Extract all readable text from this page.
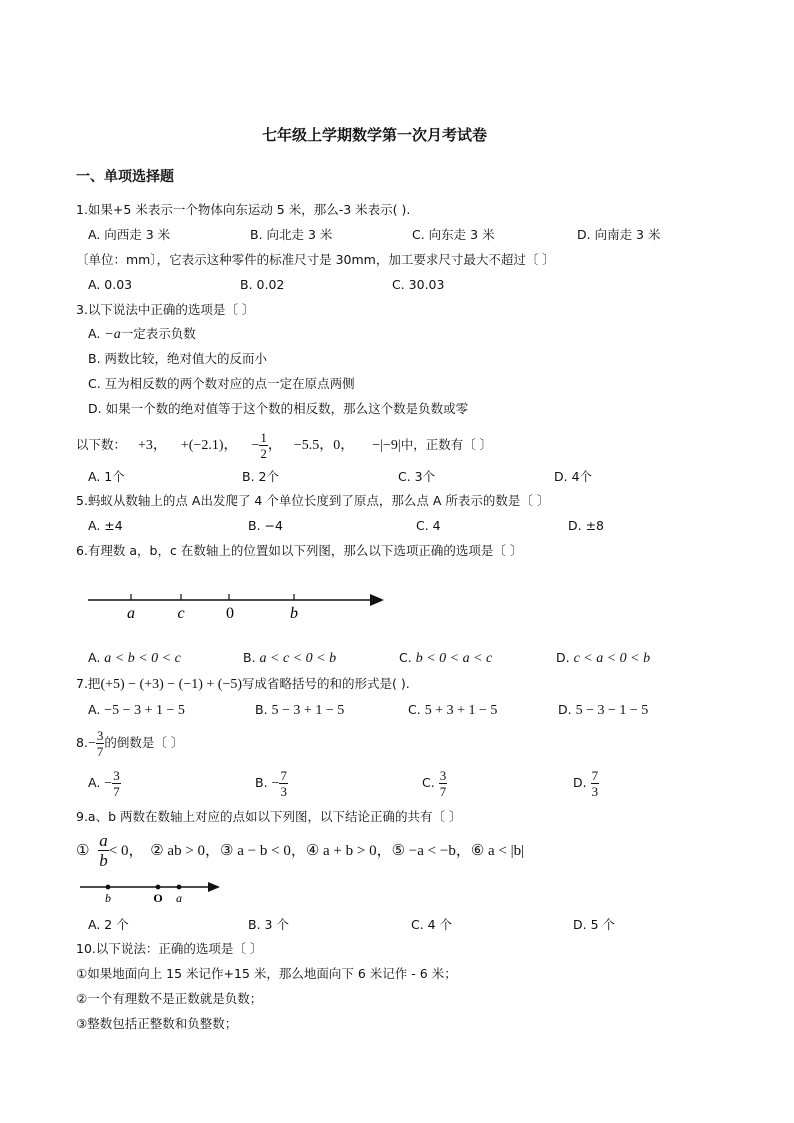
七年级上学期数学第一次月考试卷
一、单项选择题
1.如果+5 米表示一个物体向东运动 5 米，那么-3 米表示( ).
A. 向西走 3 米	B. 向北走 3 米	C. 向东走 3 米	D. 向南走 3 米
〔单位：mm〕，它表示这种零件的标准尺寸是 30mm，加工要求尺寸最大不超过〔 〕
A. 0.03	B. 0.02	C. 30.03
3.以下说法中正确的选项是〔 〕
A. −a一定表示负数
B. 两数比较，绝对值大的反而小
C. 互为相反数的两个数对应的点一定在原点两侧
D. 如果一个数的绝对值等于这个数的相反数，那么这个数是负数或零
以下数： +3， +(−2.1)， − $\frac{1}{2}$ ， −5.5，0， −|−9|中，正数有〔 〕
A. 1个	B. 2个	C. 3个	D. 4个
5.蚂蚁从数轴上的点 A出发爬了 4 个单位长度到了原点，那么点 A 所表示的数是〔 〕
A. ±4	B. −4	C. 4	D. ±8
6.有理数 a，b，c 在数轴上的位置如以下列图，那么以下选项正确的选项是〔 〕
a	c	0	b
A. a < b < 0 < c	B. a < c < 0 < b	C. b < 0 < a < c	D. c < a < 0 < b
7.把(+5) − (+3) − (−1) + (−5)写成省略括号的和的形式是( ).
A. −5 − 3 + 1 − 5	B. 5 − 3 + 1 − 5	C. 5 + 3 + 1 − 5	D. 5 − 3 − 1 − 5
$8.- \frac{3}{7}$ 的倒数是〔 〕
A. − $\frac{3}{7}$	B. − $\frac{7}{3}$	C. $\frac{3}{7}$	D. $\frac{7}{3}$
9.a、b 两数在数轴上对应的点如以下列图，以下结论正确的共有〔 〕
① $\frac{a}{b} < 0$， ② ab > 0，③ a − b < 0，④ a + b > 0，⑤ −a < −b，⑥ a < |b|
b	O a
A. 2 个	B. 3 个	C. 4 个	D. 5 个
10.以下说法：正确的选项是〔 〕
①如果地面向上 15 米记作+15 米，那么地面向下 6 米记作 - 6 米；
②一个有理数不是正数就是负数；
③整数包括正整数和负整数；
